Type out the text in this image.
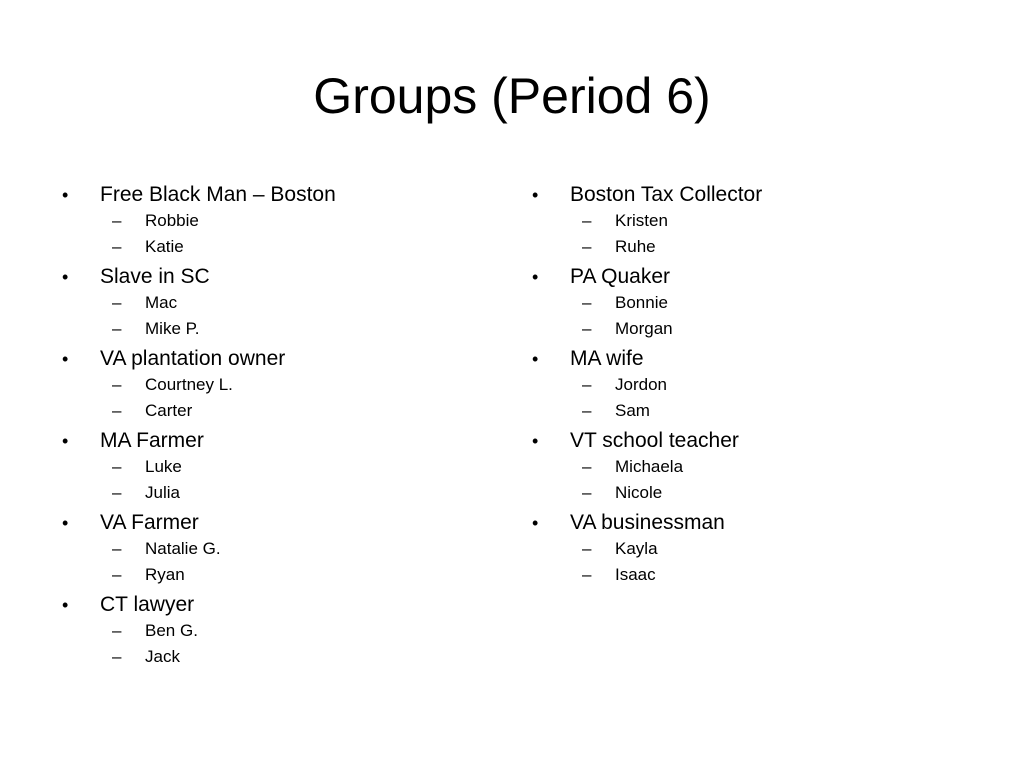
Groups (Period 6)
• Free Black Man – Boston
– Robbie
– Katie
• Slave in SC
– Mac
– Mike P.
• VA plantation owner
– Courtney L.
– Carter
• MA Farmer
– Luke
– Julia
• VA Farmer
– Natalie G.
– Ryan
• CT lawyer
– Ben G.
– Jack
• Boston Tax Collector
– Kristen
– Ruhe
• PA Quaker
– Bonnie
– Morgan
• MA wife
– Jordon
– Sam
• VT school teacher
– Michaela
– Nicole
• VA businessman
– Kayla
– Isaac
